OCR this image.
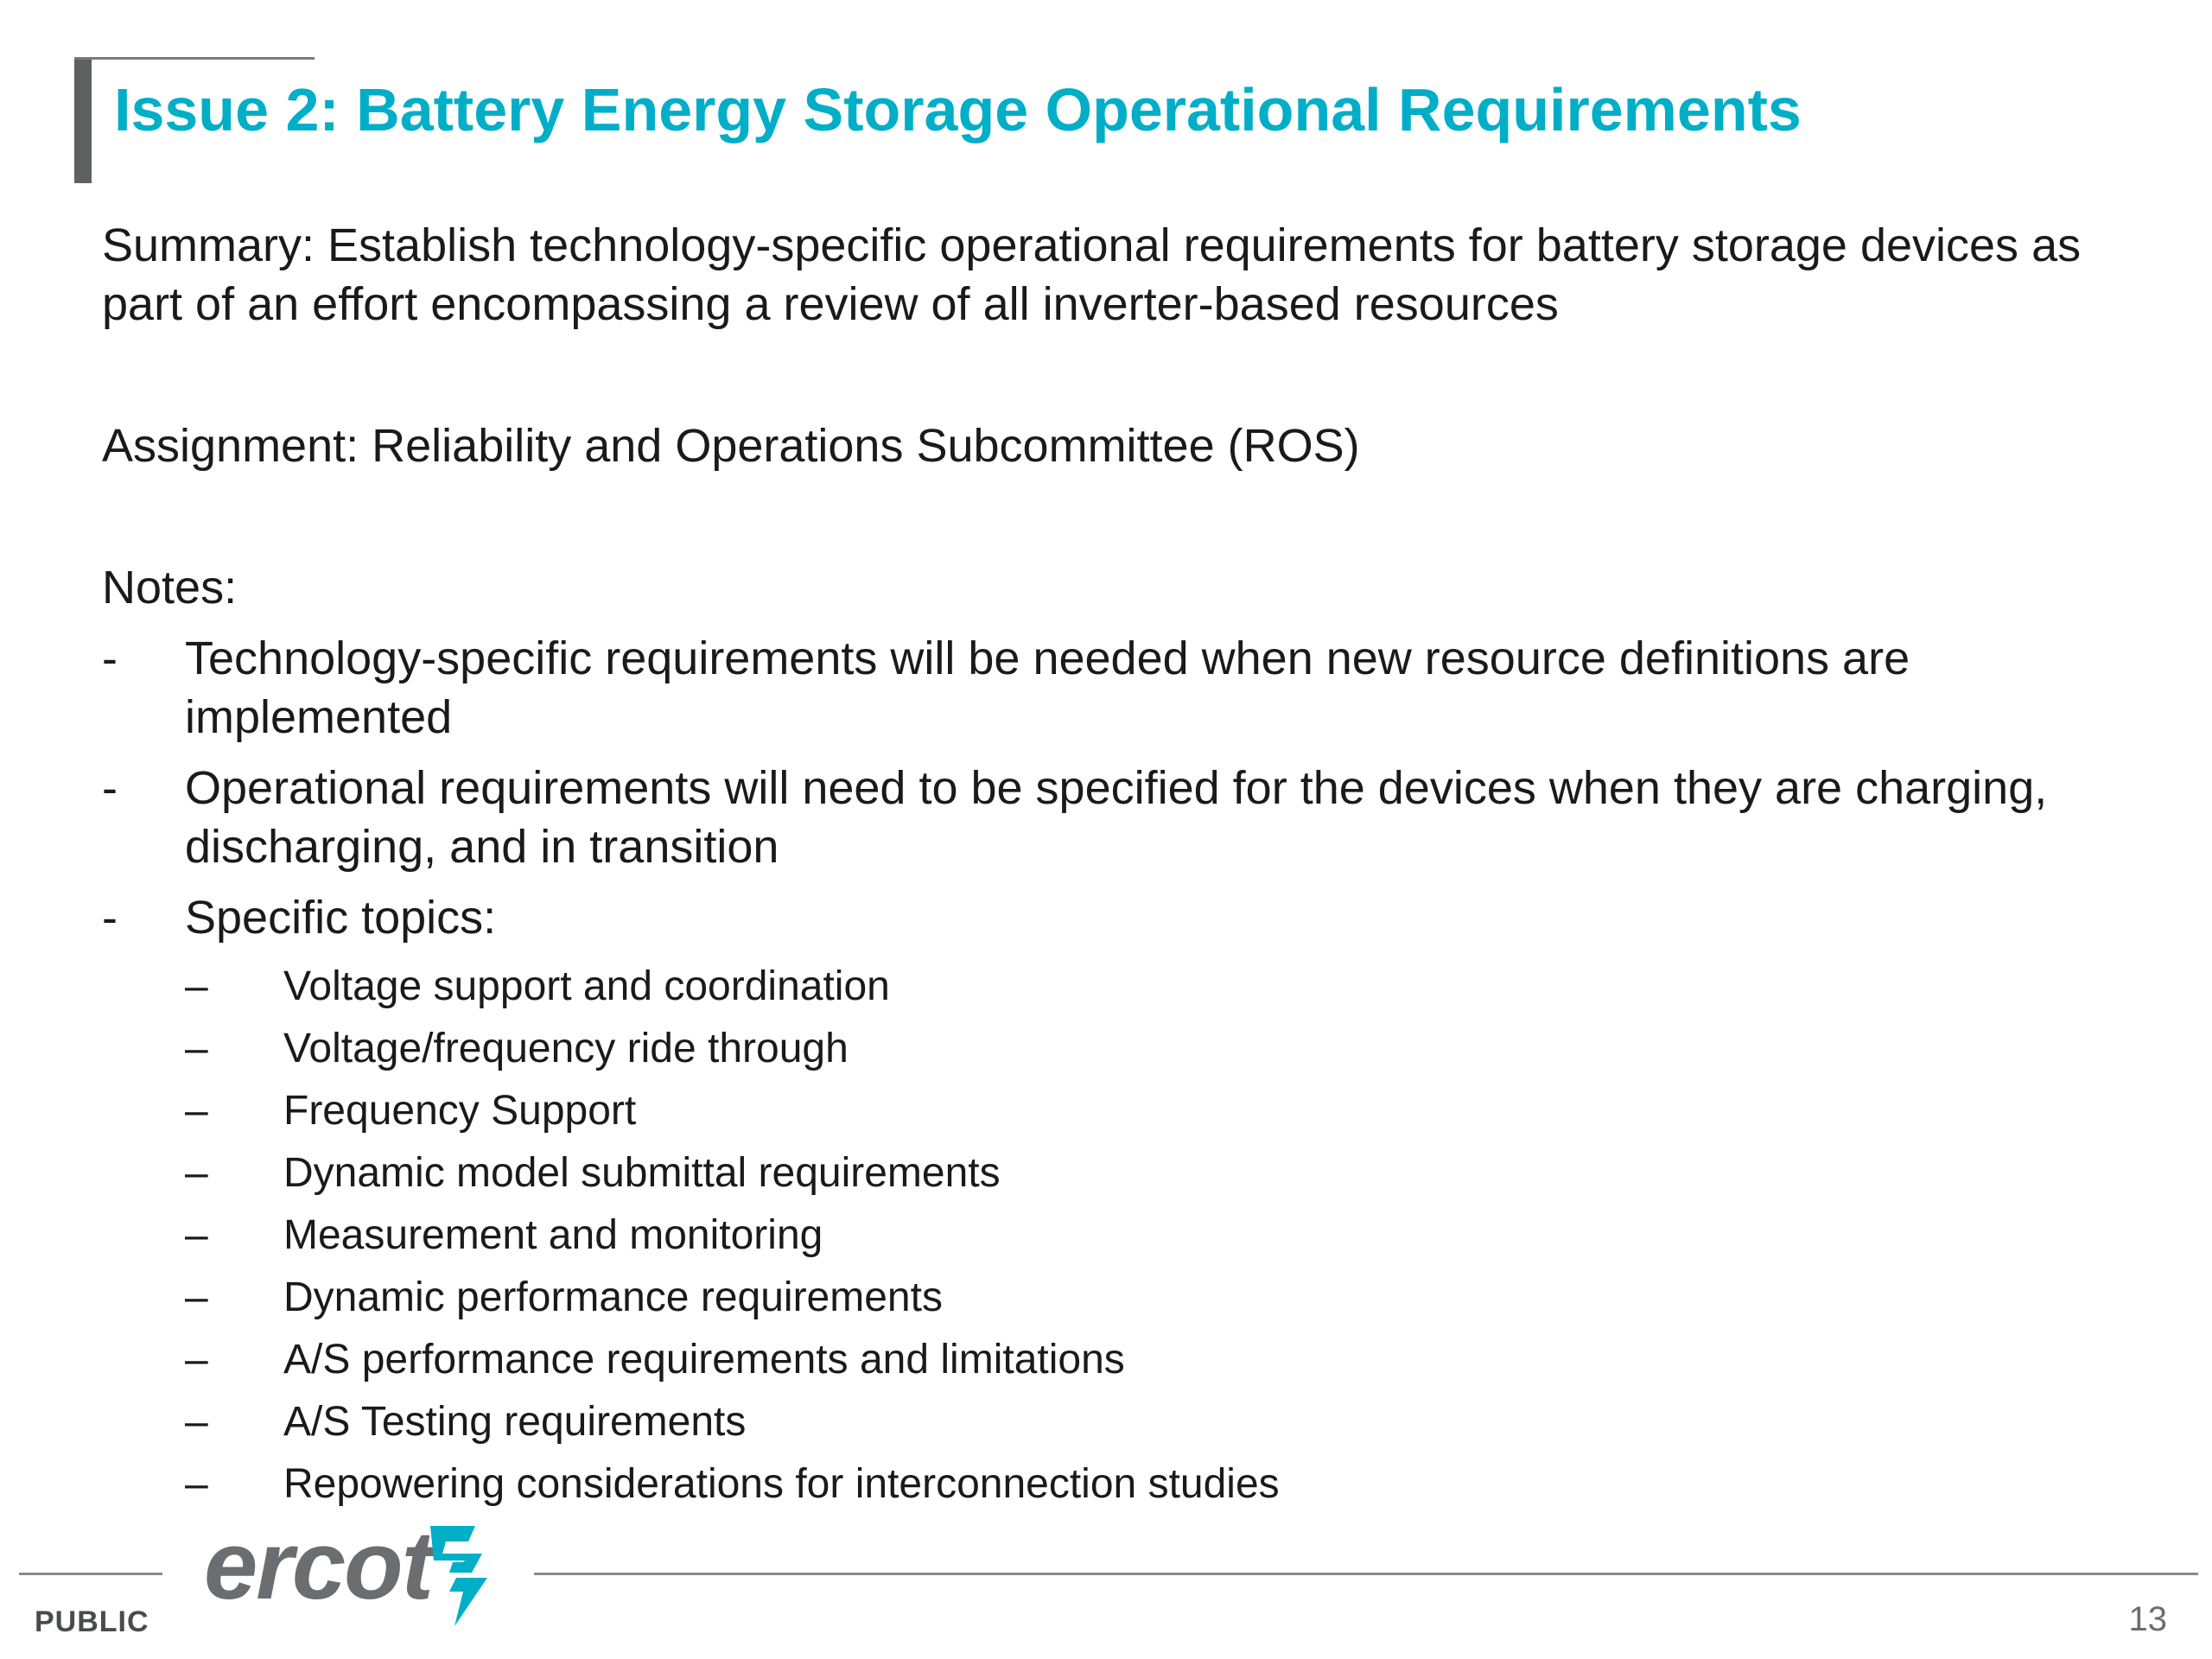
Issue 2: Battery Energy Storage Operational Requirements

Summary: Establish technology-specific operational requirements for battery storage devices as part of an effort encompassing a review of all inverter-based resources

Assignment: Reliability and Operations Subcommittee (ROS)

Notes:

- Technology-specific requirements will be needed when new resource definitions are implemented
- Operational requirements will need to be specified for the devices when they are charging, discharging, and in transition
- Specific topics:
– Voltage support and coordination
– Voltage/frequency ride through
– Frequency Support
– Dynamic model submittal requirements
– Measurement and monitoring
– Dynamic performance requirements
– A/S performance requirements and limitations
– A/S Testing requirements
– Repowering considerations for interconnection studies
ercot
PUBLIC	13
